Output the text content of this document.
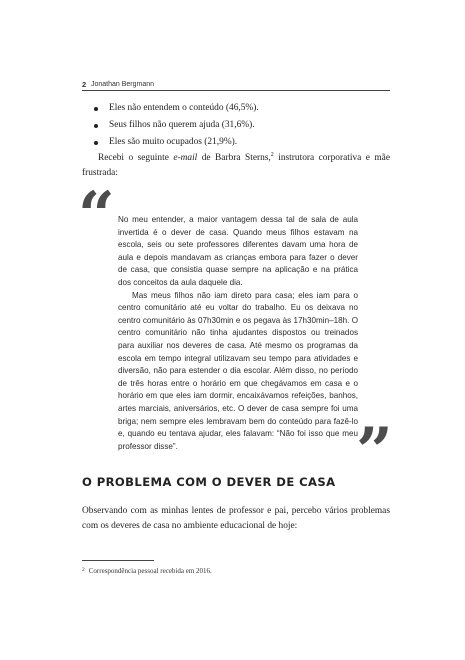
2 Jonathan Bergmann
Eles não entendem o conteúdo (46,5%).
Seus filhos não querem ajuda (31,6%).
Eles são muito ocupados (21,9%).

Recebi o seguinte e-mail de Barbra Sterns,$^2$ instrutora corporativa e mãe frustrada:

“ No meu entender, a maior vantagem dessa tal de sala de aula invertida é o dever de casa. Quando meus filhos estavam na escola, seis ou sete professores diferentes davam uma hora de aula e depois mandavam as crianças embora para fazer o dever de casa, que consistia quase sempre na aplicação e na prática dos conceitos da aula daquele dia.

Mas meus filhos não iam direto para casa; eles iam para o centro comunitário até eu voltar do trabalho. Eu os deixava no centro comunitário às 07h30min e os pegava às 17h30min–18h. O centro comunitário não tinha ajudantes dispostos ou treinados para auxiliar nos deveres de casa. Até mesmo os programas da escola em tempo integral utilizavam seu tempo para atividades e diversão, não para estender o dia escolar. Além disso, no período de três horas entre o horário em que chegávamos em casa e o horário em que eles iam dormir, encaixávamos refeições, banhos, artes marciais, aniversários, etc. O dever de casa sempre foi uma briga; nem sempre eles lembravam bem do conteúdo para fazê-lo e, quando eu tentava ajudar, eles falavam: “Não foi isso que meu professor disse”.	”
O PROBLEMA COM O DEVER DE CASA

Observando com as minhas lentes de professor e pai, percebo vários problemas com os deveres de casa no ambiente educacional de hoje:

$^2$ Correspondência pessoal recebida em 2016.
